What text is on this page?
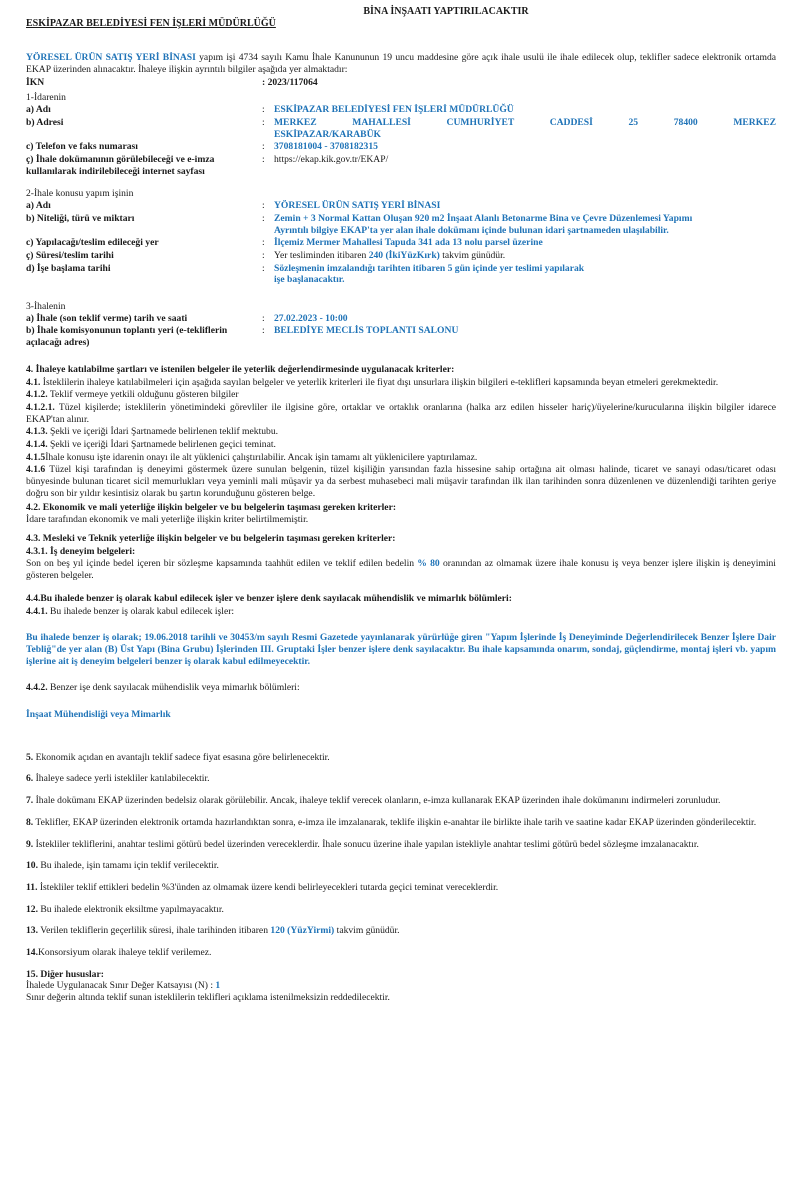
BİNA İNŞAATI YAPTIRILACAKTIR
ESKİPAZAR BELEDİYESİ FEN İŞLERİ MÜDÜRLÜĞÜ
YÖRESEL ÜRÜN SATIŞ YERİ BİNASI yapım işi 4734 sayılı Kamu İhale Kanununun 19 uncu maddesine göre açık ihale usulü ile ihale edilecek olup, teklifler sadece elektronik ortamda EKAP üzerinden alınacaktır. İhaleye ilişkin ayrıntılı bilgiler aşağıda yer almaktadır:
İKN	: 2023/117064
1-İdarenin
a) Adı	: ESKİPAZAR BELEDİYESİ FEN İŞLERİ MÜDÜRLÜĞÜ
b) Adresi	: MERKEZ MAHALLESİ CUMHURİYET CADDESİ 25 78400 MERKEZ
ESKİPAZAR/KARABÜK
c) Telefon ve faks numarası	: 3708181004 - 3708182315
ç) İhale dokümanının görülebileceği ve e-imza kullanılarak indirilebileceği internet sayfası
: https://ekap.kik.gov.tr/EKAP/
2-İhale konusu yapım işinin
a) Adı	: YÖRESEL ÜRÜN SATIŞ YERİ BİNASI
b) Niteliği, türü ve miktarı	: Zemin + 3 Normal Kattan Oluşan 920 m2 İnşaat Alanlı Betonarme Bina ve Çevre Düzenlemesi Yapımı
Ayrıntılı bilgiye EKAP'ta yer alan ihale dokümanı içinde bulunan idari şartnameden ulaşılabilir.
c) Yapılacağı/teslim edileceği yer	: İlçemiz Mermer Mahallesi Tapuda 341 ada 13 nolu parsel üzerine
ç) Süresi/teslim tarihi	: Yer tesliminden itibaren 240 (İkiYüzKırk) takvim günüdür.
d) İşe başlama tarihi	: Sözleşmenin imzalandığı tarihten itibaren 5 gün içinde yer teslimi yapılarak işe başlanacaktır.
3-İhalenin
a) İhale (son teklif verme) tarih ve saati	: 27.02.2023 - 10:00
b) İhale komisyonunun toplantı yeri (e-tekliflerin açılacağı adres)
: BELEDİYE MECLİS TOPLANTI SALONU
4. İhaleye katılabilme şartları ve istenilen belgeler ile yeterlik değerlendirmesinde uygulanacak kriterler:
4.1. İsteklilerin ihaleye katılabilmeleri için aşağıda sayılan belgeler ve yeterlik kriterleri ile fiyat dışı unsurlara ilişkin bilgileri e-teklifleri kapsamında beyan etmeleri gerekmektedir.
4.1.2. Teklif vermeye yetkili olduğunu gösteren bilgiler
4.1.2.1. Tüzel kişilerde; isteklilerin yönetimindeki görevliler ile ilgisine göre, ortaklar ve ortaklık oranlarına (halka arz edilen hisseler hariç)/üyelerine/kurucularına ilişkin bilgiler idarece EKAP'tan alınır.
4.1.3. Şekli ve içeriği İdari Şartnamede belirlenen teklif mektubu.
4.1.4. Şekli ve içeriği İdari Şartnamede belirlenen geçici teminat.
4.1.5İhale konusu işte idarenin onayı ile alt yüklenici çalıştırılabilir. Ancak işin tamamı alt yüklenicilere yaptırılamaz.
4.1.6 Tüzel kişi tarafından iş deneyimi göstermek üzere sunulan belgenin, tüzel kişiliğin yarısından fazla hissesine sahip ortağına ait olması halinde, ticaret ve sanayi odası/ticaret odası bünyesinde bulunan ticaret sicil memurlukları veya yeminli mali müşavir ya da serbest muhasebeci mali müşavir tarafından ilk ilan tarihinden sonra düzenlenen ve düzenlendiği tarihten geriye doğru son bir yıldır kesintisiz olarak bu şartın korunduğunu gösteren belge.
4.2. Ekonomik ve mali yeterliğe ilişkin belgeler ve bu belgelerin taşıması gereken kriterler:
İdare tarafından ekonomik ve mali yeterliğe ilişkin kriter belirtilmemiştir.
4.3. Mesleki ve Teknik yeterliğe ilişkin belgeler ve bu belgelerin taşıması gereken kriterler:
4.3.1. İş deneyim belgeleri:
Son on beş yıl içinde bedel içeren bir sözleşme kapsamında taahhüt edilen ve teklif edilen bedelin % 80 oranından az olmamak üzere ihale konusu iş veya benzer işlere ilişkin iş deneyimini gösteren belgeler.
4.4.Bu ihalede benzer iş olarak kabul edilecek işler ve benzer işlere denk sayılacak mühendislik ve mimarlık bölümleri:
4.4.1. Bu ihalede benzer iş olarak kabul edilecek işler:
Bu ihalede benzer iş olarak; 19.06.2018 tarihli ve 30453/m sayılı Resmi Gazetede yayınlanarak yürürlüğe giren "Yapım İşlerinde İş Deneyiminde Değerlendirilecek Benzer İşlere Dair Tebliğ"de yer alan (B) Üst Yapı (Bina Grubu) İşlerinden III. Gruptaki İşler benzer işlere denk sayılacaktır. Bu ihale kapsamında onarım, sondaj, güçlendirme, montaj işleri vb. yapım işlerine ait iş deneyim belgeleri benzer iş olarak kabul edilmeyecektir.
4.4.2. Benzer işe denk sayılacak mühendislik veya mimarlık bölümleri:
İnşaat Mühendisliği veya Mimarlık
5. Ekonomik açıdan en avantajlı teklif sadece fiyat esasına göre belirlenecektir.
6. İhaleye sadece yerli istekliler katılabilecektir.
7. İhale dokümanı EKAP üzerinden bedelsiz olarak görülebilir. Ancak, ihaleye teklif verecek olanların, e-imza kullanarak EKAP üzerinden ihale dokümanını indirmeleri zorunludur.
8. Teklifler, EKAP üzerinden elektronik ortamda hazırlandıktan sonra, e-imza ile imzalanarak, teklife ilişkin e-anahtar ile birlikte ihale tarih ve saatine kadar EKAP üzerinden gönderilecektir.
9. İstekliler tekliflerini, anahtar teslimi götürü bedel üzerinden vereceklerdir. İhale sonucu üzerine ihale yapılan istekliyle anahtar teslimi götürü bedel sözleşme imzalanacaktır.
10. Bu ihalede, işin tamamı için teklif verilecektir.
11. İstekliler teklif ettikleri bedelin %3'ünden az olmamak üzere kendi belirleyecekleri tutarda geçici teminat vereceklerdir.
12. Bu ihalede elektronik eksiltme yapılmayacaktır.
13. Verilen tekliflerin geçerlilik süresi, ihale tarihinden itibaren 120 (YüzYirmi) takvim günüdür.
14.Konsorsiyum olarak ihaleye teklif verilemez.
15. Diğer hususlar:
İhalede Uygulanacak Sınır Değer Katsayısı (N) : 1
Sınır değerin altında teklif sunan isteklilerin teklifleri açıklama istenilmeksizin reddedilecektir.
